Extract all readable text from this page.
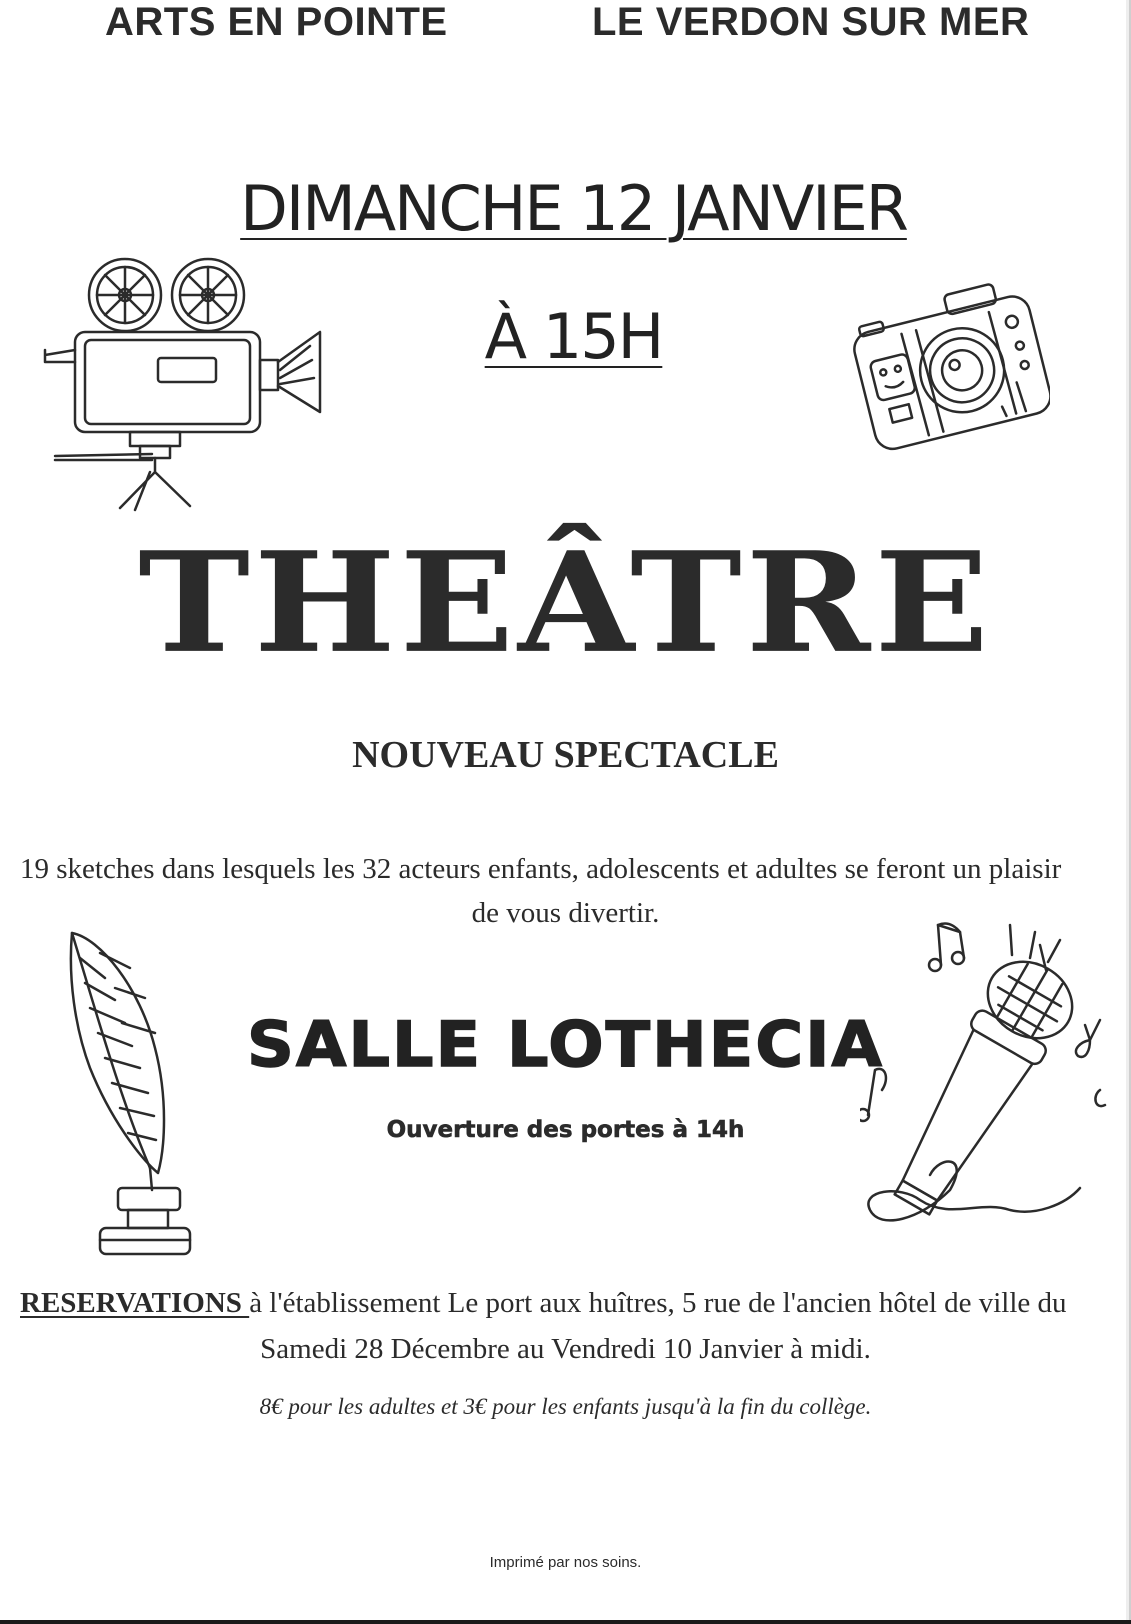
ARTS EN POINTE	LE VERDON SUR MER
DIMANCHE 12 JANVIER
À 15H
THEÂTRE
NOUVEAU SPECTACLE
19 sketches dans lesquels les 32 acteurs enfants, adolescents et adultes se feront un plaisir
de vous divertir.
SALLE LOTHECIA
Ouverture des portes à 14h
RESERVATIONS à l'établissement Le port aux huîtres, 5 rue de l'ancien hôtel de ville du
Samedi 28 Décembre au Vendredi 10 Janvier à midi.
8€ pour les adultes et 3€ pour les enfants jusqu'à la fin du collège.
Imprimé par nos soins.
